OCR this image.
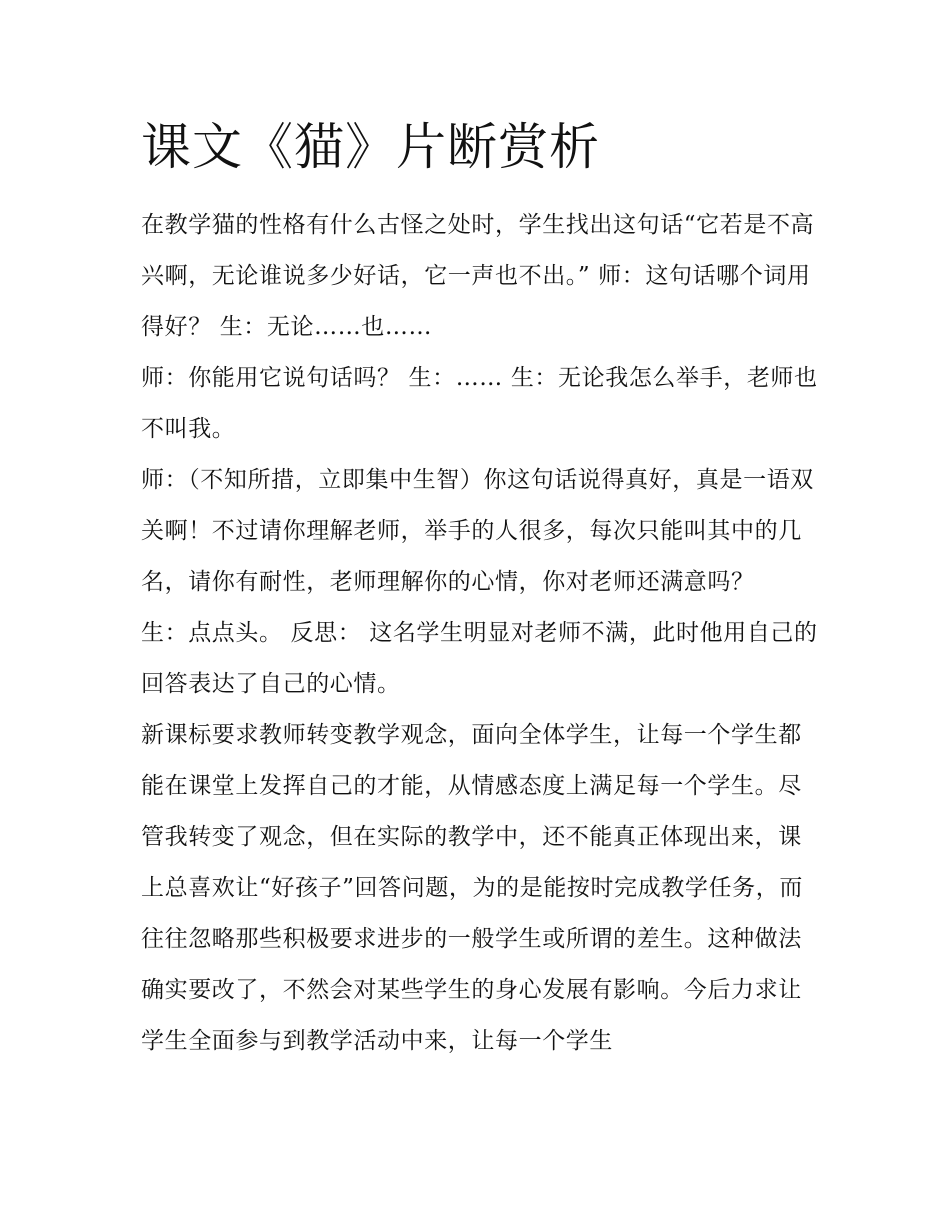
课文《猫》片断赏析

在教学猫的性格有什么古怪之处时，学生找出这句话“它若是不高兴啊，无论谁说多少好话，它一声也不出。” 师：这句话哪个词用得好？ 生：无论……也……

师：你能用它说句话吗？ 生：…… 生：无论我怎么举手，老师也不叫我。

师：（不知所措，立即集中生智）你这句话说得真好，真是一语双关啊！不过请你理解老师，举手的人很多，每次只能叫其中的几名，请你有耐性，老师理解你的心情，你对老师还满意吗？

生：点点头。 反思： 这名学生明显对老师不满，此时他用自己的回答表达了自己的心情。

新课标要求教师转变教学观念，面向全体学生，让每一个学生都能在课堂上发挥自己的才能，从情感态度上满足每一个学生。尽管我转变了观念，但在实际的教学中，还不能真正体现出来，课上总喜欢让“好孩子”回答问题，为的是能按时完成教学任务，而往往忽略那些积极要求进步的一般学生或所谓的差生。这种做法确实要改了，不然会对某些学生的身心发展有影响。今后力求让学生全面参与到教学活动中来，让每一个学生
